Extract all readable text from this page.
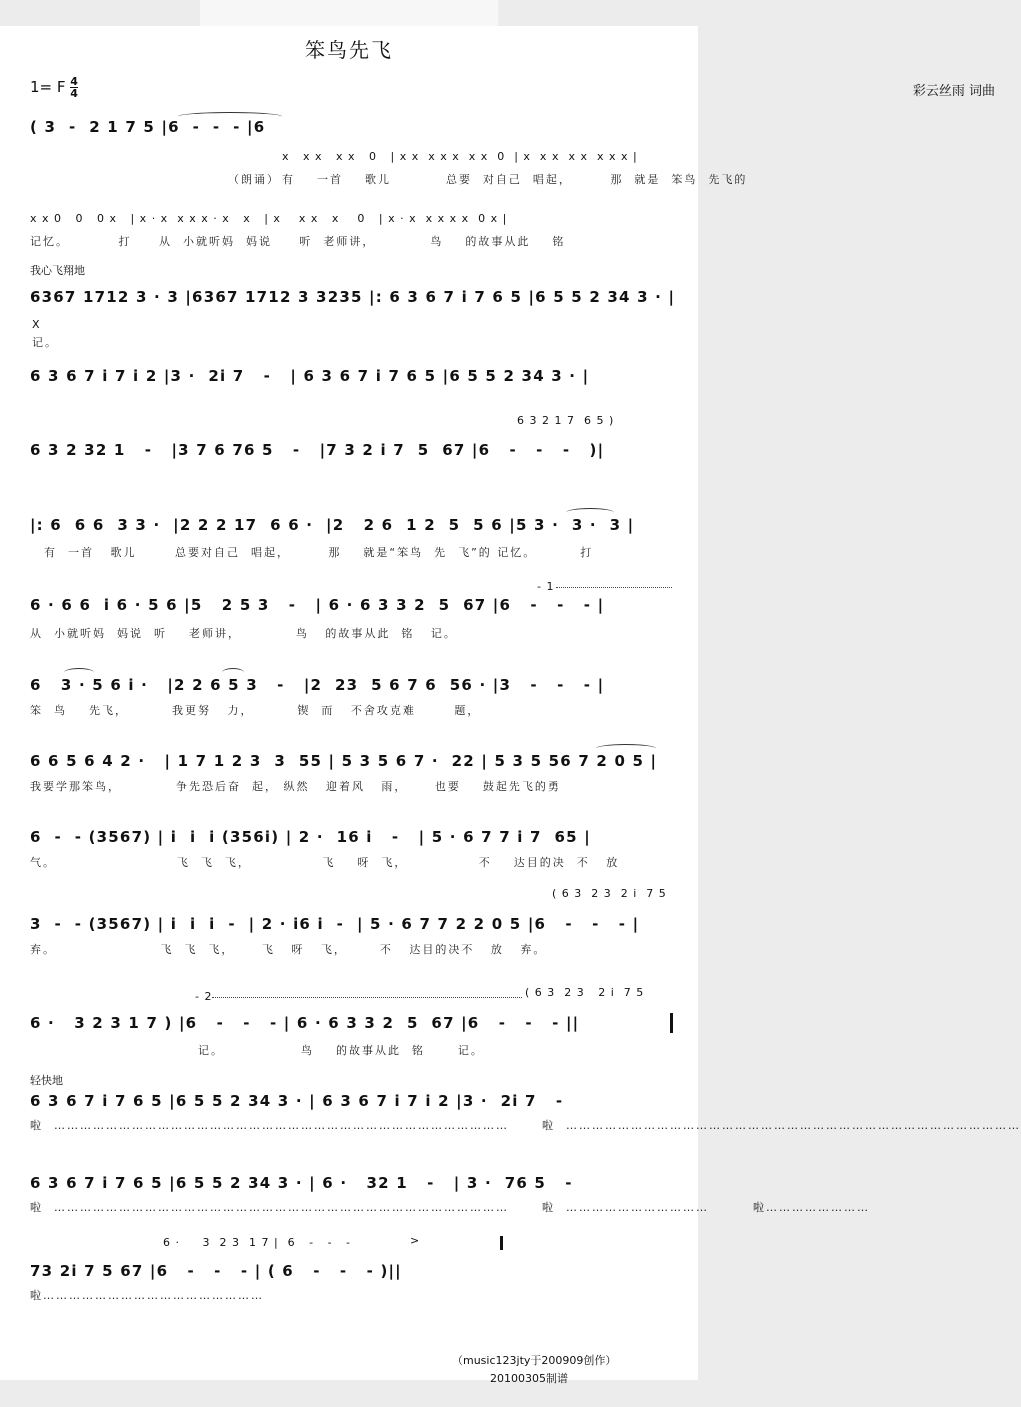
笨鸟先飞
1= F $\frac{4}{4}$	彩云丝雨 词曲
( 3  -  2 1 7 5 |6  -  -  - |6
x   x x   x x   0   | x x  x x x  x x  0  | x  x x  x x  x x x |
（朗诵） 有    一首    歌儿          总要  对自己  唱起，       那  就是  笨鸟  先飞的
x x 0   0   0 x   | x · x  x x x · x   x   | x    x x   x    0   | x · x  x x x x  0 x |
记忆。         打     从  小就听妈  妈说     听  老师讲，          鸟    的故事从此    铭
我心飞翔地
6367 1712 3 · 3 |6367 1712 3 3235 |: 6 3 6 7 i 7 6 5 |6 5 5 2 34 3 · |
X
记。
6 3 6 7 i 7 i 2 |3 ·  2i 7   -   | 6 3 6 7 i 7 6 5 |6 5 5 2 34 3 · |
6 3 2 1 7  6 5 )
6 3 2 32 1   -   |3 7 6 76 5   -   |7 3 2 i 7  5  67 |6   -   -   -   )|
|: 6  6 6  3 3 ·  |2 2 2 17  6 6 ·  |2   2 6  1 2  5  5 6 |5 3 ·  3 ·  3 |
有  一首   歌儿       总要对自己  唱起，       那    就是“笨鸟  先  飞”的 记忆。        打
- 1
6 · 6 6  i 6 · 5 6 |5   2 5 3   -   | 6 · 6 3 3 2  5  67 |6   -   -   - |
从  小就听妈  妈说  听    老师讲，          鸟   的故事从此  铭   记。
6   3 · 5 6 i ·   |2 2 6 5 3   -   |2  23  5 6 7 6  56 · |3   -   -   - |
笨  鸟    先飞，        我更努   力，        锲  而   不舍攻克难       题，
6 6 5 6 4 2 ·   | 1 7 1 2 3  3  55 | 5 3 5 6 7 ·  22 | 5 3 5 56 7 2 0 5 |
我要学那笨鸟，          争先恐后奋  起， 纵然   迎着风   雨，     也要    鼓起先飞的勇
6  -  - (3567) | i  i  i (356i) | 2 ·  16 i   -   | 5 · 6 7 7 i 7  65 |
气。                      飞  飞  飞，             飞    呀  飞，             不    达目的决  不   放
( 6 3  2 3  2 i  7 5
3  -  - (3567) | i  i  i  -  | 2 · i6 i  -  | 5 · 6 7 7 2 2 0 5 |6   -   -   - |
弃。                   飞  飞  飞，     飞   呀   飞，      不   达目的决不   放   弃。
- 2	( 6 3  2 3   2 i  7 5
6 ·   3 2 3 1 7 ) |6   -   -   - | 6 · 6 3 3 2  5  67 |6   -   -   - ||
记。              鸟    的故事从此  铭      记。
轻快地
6 3 6 7 i 7 6 5 |6 5 5 2 34 3 · | 6 3 6 7 i 7 i 2 |3 ·  2i 7   -
啦  ……………………………………………………………………………………………      啦  ……………………………………………………………………………………………
6 3 6 7 i 7 6 5 |6 5 5 2 34 3 · | 6 ·   32 1   -   | 3 ·  76 5   -
啦  ……………………………………………………………………………………………      啦  ……………………………        啦……………………
6 ·     3  2 3  1 7 |  6   -   -   -	>
73 2i 7 5 67 |6   -   -   - | ( 6   -   -   - )||
啦……………………………………………
（music123jty于200909创作）
20100305制谱
